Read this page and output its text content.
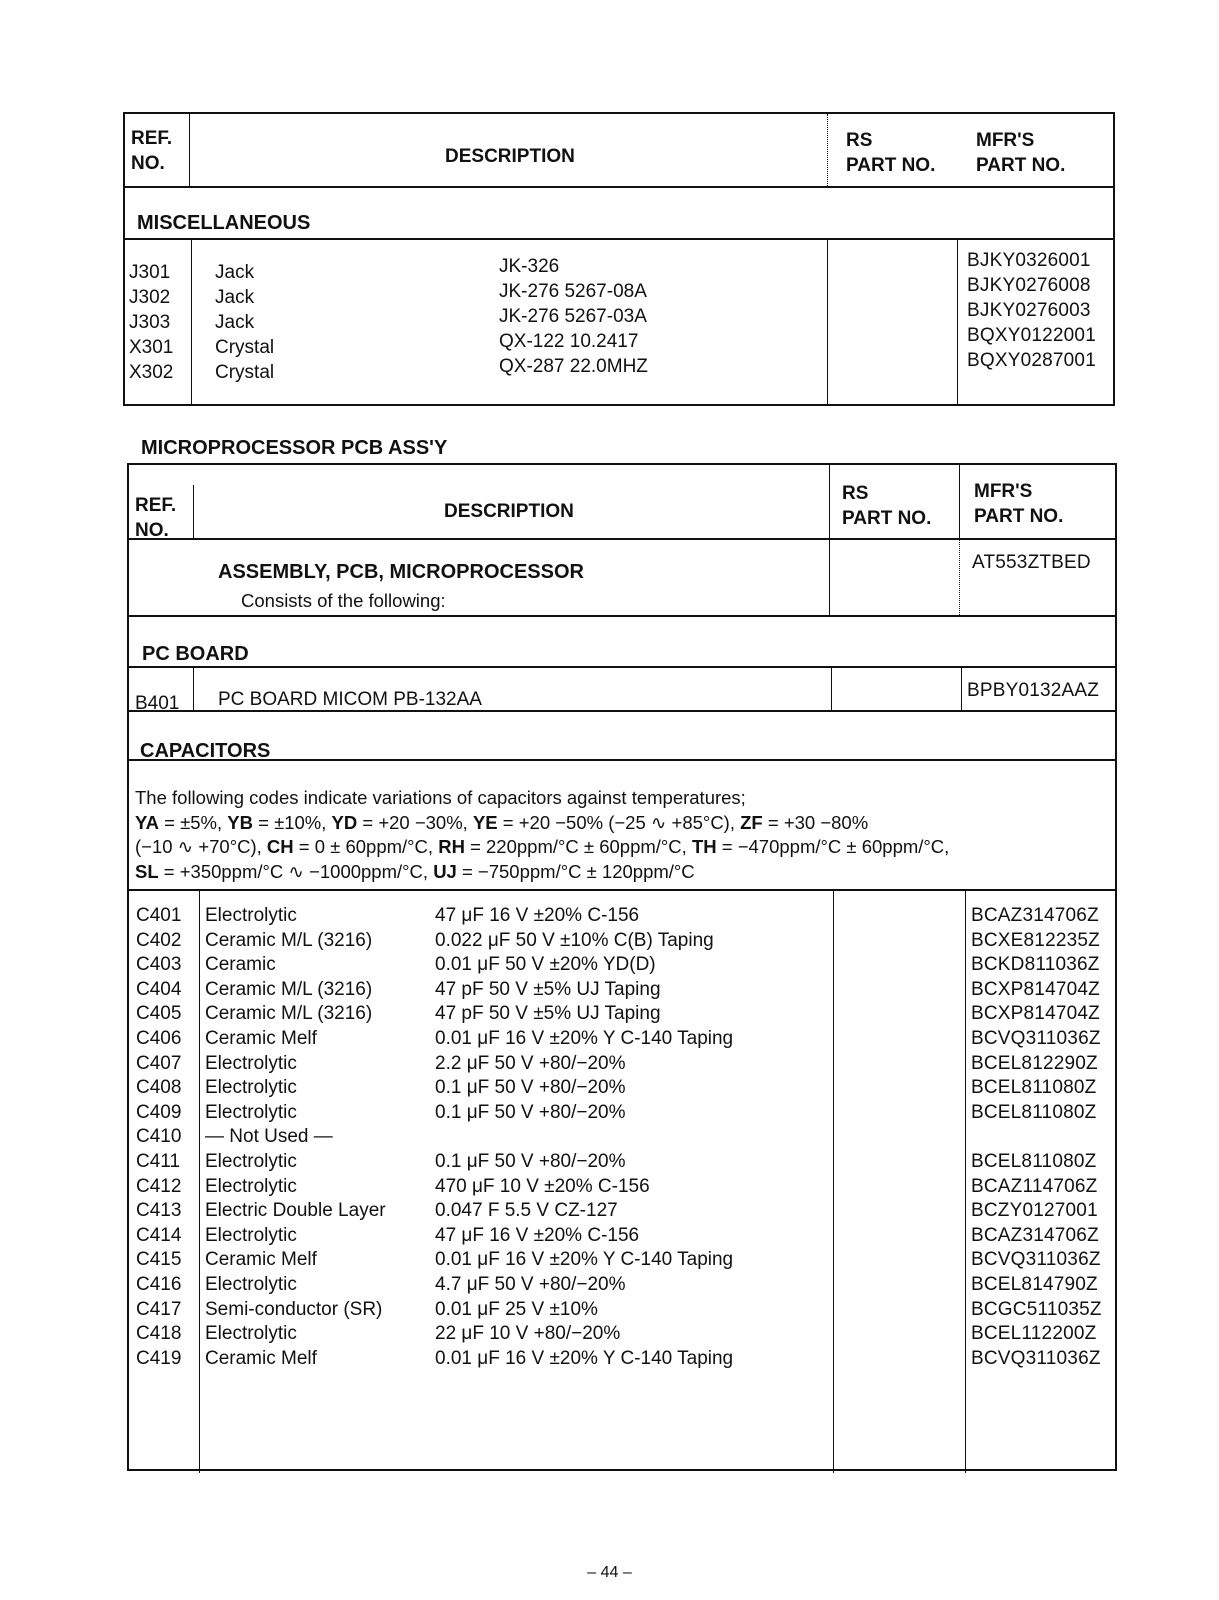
REF.
NO.	DESCRIPTION
RS
PART NO.
MFR'S
PART NO.
MISCELLANEOUS
J301 Jack	JK-326	BJKY0326001
J302 Jack	JK-276 5267-08A	BJKY0276008
J303 Jack	JK-276 5267-03A	BJKY0276003
X301 Crystal	QX-122 10.2417	BQXY0122001
X302 Crystal	QX-287 22.0MHZ	BQXY0287001
MICROPROCESSOR PCB ASS'Y
REF.
NO.
DESCRIPTION
RS
PART NO.
MFR'S
PART NO.
ASSEMBLY, PCB, MICROPROCESSOR
Consists of the following:
AT553ZTBED
PC BOARD
B401 PC BOARD MICOM PB-132AA	BPBY0132AAZ
CAPACITORS
The following codes indicate variations of capacitors against temperatures;
YA = ±5%, YB = ±10%, YD = +20 −30%, YE = +20 −50% (−25 ∿ +85°C), ZF = +30 −80%
(−10 ∿ +70°C), CH = 0 ± 60ppm/°C, RH = 220ppm/°C ± 60ppm/°C, TH = −470ppm/°C ± 60ppm/°C,
SL = +350ppm/°C ∿ −1000ppm/°C, UJ = −750ppm/°C ± 120ppm/°C
C401 Electrolytic	47 μF 16 V ±20% C-156	BCAZ314706Z
C402 Ceramic M/L (3216)	0.022 μF 50 V ±10% C(B) Taping	BCXE812235Z
C403 Ceramic	0.01 μF 50 V ±20% YD(D)	BCKD811036Z
C404 Ceramic M/L (3216)	47 pF 50 V ±5% UJ Taping	BCXP814704Z
C405 Ceramic M/L (3216)	47 pF 50 V ±5% UJ Taping	BCXP814704Z
C406 Ceramic Melf	0.01 μF 16 V ±20% Y C-140 Taping	BCVQ311036Z
C407 Electrolytic	2.2 μF 50 V +80/−20%	BCEL812290Z
C408 Electrolytic	0.1 μF 50 V +80/−20%	BCEL811080Z
C409 Electrolytic	0.1 μF 50 V +80/−20%	BCEL811080Z
C410 — Not Used —
C411 Electrolytic	0.1 μF 50 V +80/−20%	BCEL811080Z
C412 Electrolytic	470 μF 10 V ±20% C-156	BCAZ114706Z
C413 Electric Double Layer	0.047 F 5.5 V CZ-127	BCZY0127001
C414 Electrolytic	47 μF 16 V ±20% C-156	BCAZ314706Z
C415 Ceramic Melf	0.01 μF 16 V ±20% Y C-140 Taping	BCVQ311036Z
C416 Electrolytic	4.7 μF 50 V +80/−20%	BCEL814790Z
C417 Semi-conductor (SR)	0.01 μF 25 V ±10%	BCGC511035Z
C418 Electrolytic	22 μF 10 V +80/−20%	BCEL112200Z
C419 Ceramic Melf	0.01 μF 16 V ±20% Y C-140 Taping	BCVQ311036Z
– 44 –
